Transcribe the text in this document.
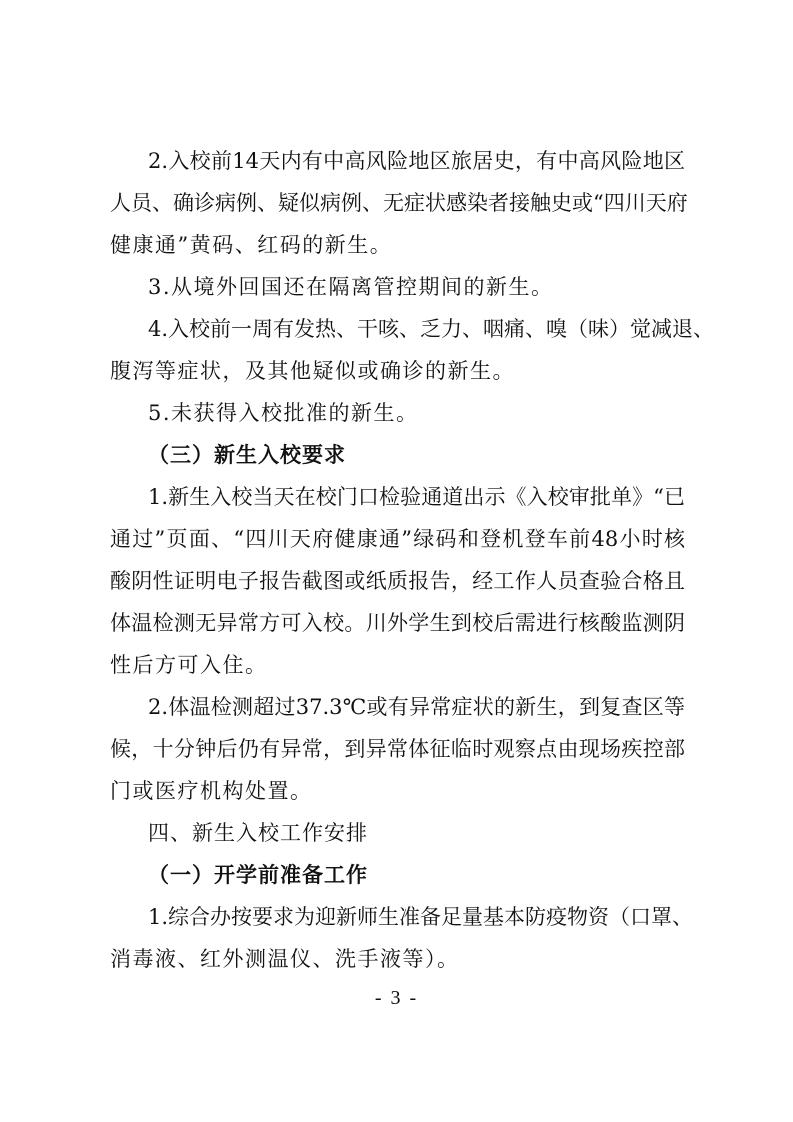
2.入校前14天内有中高风险地区旅居史，有中高风险地区
人员、确诊病例、疑似病例、无症状感染者接触史或“四川天府
健康通”黄码、红码的新生。
3.从境外回国还在隔离管控期间的新生。
4.入校前一周有发热、干咳、乏力、咽痛、嗅（味）觉减退、
腹泻等症状，及其他疑似或确诊的新生。
5.未获得入校批准的新生。
（三）新生入校要求
1.新生入校当天在校门口检验通道出示《入校审批单》“已
通过”页面、“四川天府健康通”绿码和登机登车前48小时核
酸阴性证明电子报告截图或纸质报告，经工作人员查验合格且
体温检测无异常方可入校。川外学生到校后需进行核酸监测阴
性后方可入住。
2.体温检测超过37.3℃或有异常症状的新生，到复查区等
候，十分钟后仍有异常，到异常体征临时观察点由现场疾控部
门或医疗机构处置。
四、新生入校工作安排
（一）开学前准备工作
1.综合办按要求为迎新师生准备足量基本防疫物资（口罩、
消毒液、红外测温仪、洗手液等）。
- 3 -
